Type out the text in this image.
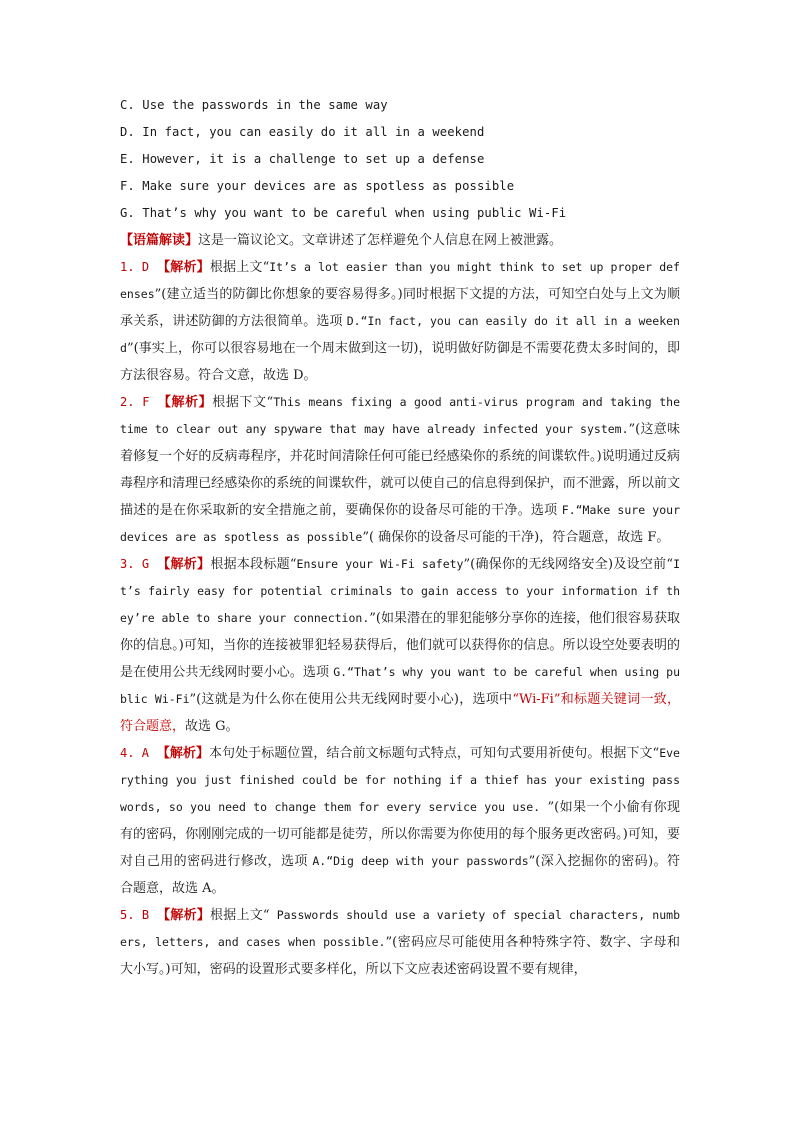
C. Use the passwords in the same way
D. In fact, you can easily do it all in a weekend
E. However, it is a challenge to set up a defense
F. Make sure your devices are as spotless as possible
G. That’s why you want to be careful when using public Wi-Fi
【语篇解读】这是一篇议论文。文章讲述了怎样避免个人信息在网上被泄露。
1. D 【解析】根据上文“It’s a lot easier than you might think to set up proper defenses”(建立适当的防御比你想象的要容易得多。)同时根据下文提的方法，可知空白处与上文为顺承关系，讲述防御的方法很简单。选项 D.“In fact, you can easily do it all in a weekend”(事实上，你可以很容易地在一个周末做到这一切)，说明做好防御是不需要花费太多时间的，即方法很容易。符合文意，故选 D。
2. F 【解析】根据下文“This means fixing a good anti-virus program and taking the time to clear out any spyware that may have already infected your system.”(这意味着修复一个好的反病毒程序，并花时间清除任何可能已经感染你的系统的间谍软件。)说明通过反病毒程序和清理已经感染你的系统的间谍软件，就可以使自己的信息得到保护，而不泄露，所以前文描述的是在你采取新的安全措施之前，要确保你的设备尽可能的干净。选项 F.“Make sure your devices are as spotless as possible”( 确保你的设备尽可能的干净)，符合题意，故选 F。
3. G 【解析】根据本段标题“Ensure your Wi-Fi safety”(确保你的无线网络安全)及设空前“It’s fairly easy for potential criminals to gain access to your information if they’re able to share your connection.”(如果潜在的罪犯能够分享你的连接，他们很容易获取你的信息。)可知，当你的连接被罪犯轻易获得后，他们就可以获得你的信息。所以设空处要表明的是在使用公共无线网时要小心。选项 G.“That’s why you want to be careful when using public Wi-Fi”(这就是为什么你在使用公共无线网时要小心)，选项中“Wi-Fi”和标题关键词一致，符合题意，故选 G。
4. A 【解析】本句处于标题位置，结合前文标题句式特点，可知句式要用祈使句。根据下文“Everything you just finished could be for nothing if a thief has your existing passwords, so you need to change them for every service you use. ”(如果一个小偷有你现有的密码，你刚刚完成的一切可能都是徒劳，所以你需要为你使用的每个服务更改密码。)可知，要对自己用的密码进行修改，选项 A.“Dig deep with your passwords”(深入挖掘你的密码)。符合题意，故选 A。
5. B 【解析】根据上文“ Passwords should use a variety of special characters, numbers, letters, and cases when possible.”(密码应尽可能使用各种特殊字符、数字、字母和大小写。)可知，密码的设置形式要多样化，所以下文应表述密码设置不要有规律，
